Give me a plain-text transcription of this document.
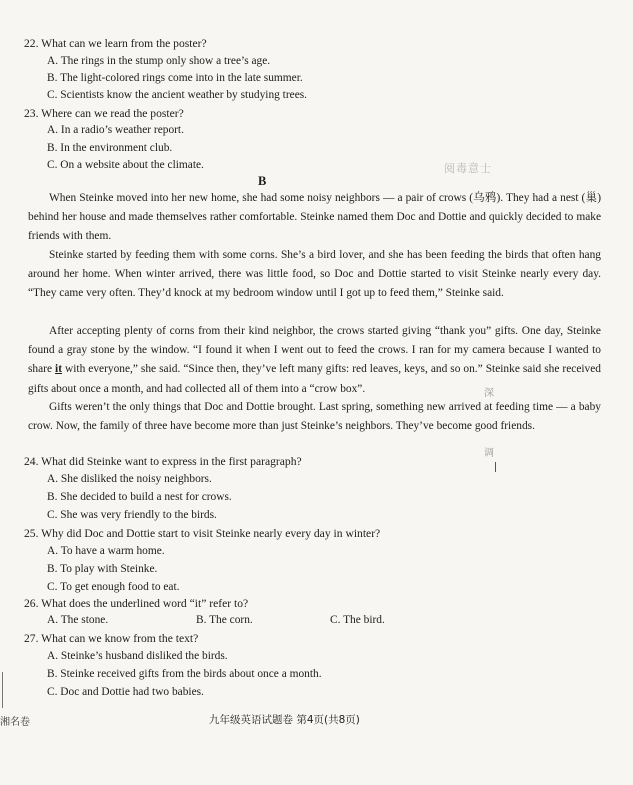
22. What can we learn from the poster?
A. The rings in the stump only show a tree’s age.
B. The light-colored rings come into in the late summer.
C. Scientists know the ancient weather by studying trees.
23. Where can we read the poster?
A. In a radio’s weather report.
B. In the environment club.
C. On a website about the climate.	阅毒意士
B
When Steinke moved into her new home, she had some noisy neighbors — a pair of crows (乌鸦). They had a nest (巢) behind her house and made themselves rather comfortable. Steinke named them Doc and Dottie and quickly decided to make friends with them.
Steinke started by feeding them with some corns. She’s a bird lover, and she has been feeding the birds that often hang around her home. When winter arrived, there was little food, so Doc and Dottie started to visit Steinke nearly every day. “They came very often. They’d knock at my bedroom window until I got up to feed them,” Steinke said.
After accepting plenty of corns from their kind neighbor, the crows started giving “thank you” gifts. One day, Steinke found a gray stone by the window. “I found it when I went out to feed the crows. I ran for my camera because I wanted to share it with everyone,” she said. “Since then, they’ve left many gifts: red leaves, keys, and so on.” Steinke said she received gifts about once a month, and had collected all of them into a “crow box”.
Gifts weren’t the only things that Doc and Dottie brought. Last spring, something new arrived at feeding time — a baby crow. Now, the family of three have become more than just Steinke’s neighbors. They’ve become good friends.
深
调
24. What did Steinke want to express in the first paragraph?
A. She disliked the noisy neighbors.
B. She decided to build a nest for crows.
C. She was very friendly to the birds.
25. Why did Doc and Dottie start to visit Steinke nearly every day in winter?
A. To have a warm home.
B. To play with Steinke.
C. To get enough food to eat.
26. What does the underlined word “it” refer to?
A. The stone.	B. The corn.	C. The bird.
27. What can we know from the text?
A. Steinke’s husband disliked the birds.
B. Steinke received gifts from the birds about once a month.
C. Doc and Dottie had two babies.
湘名卷	九年级英语试题卷 第4页(共8页)
